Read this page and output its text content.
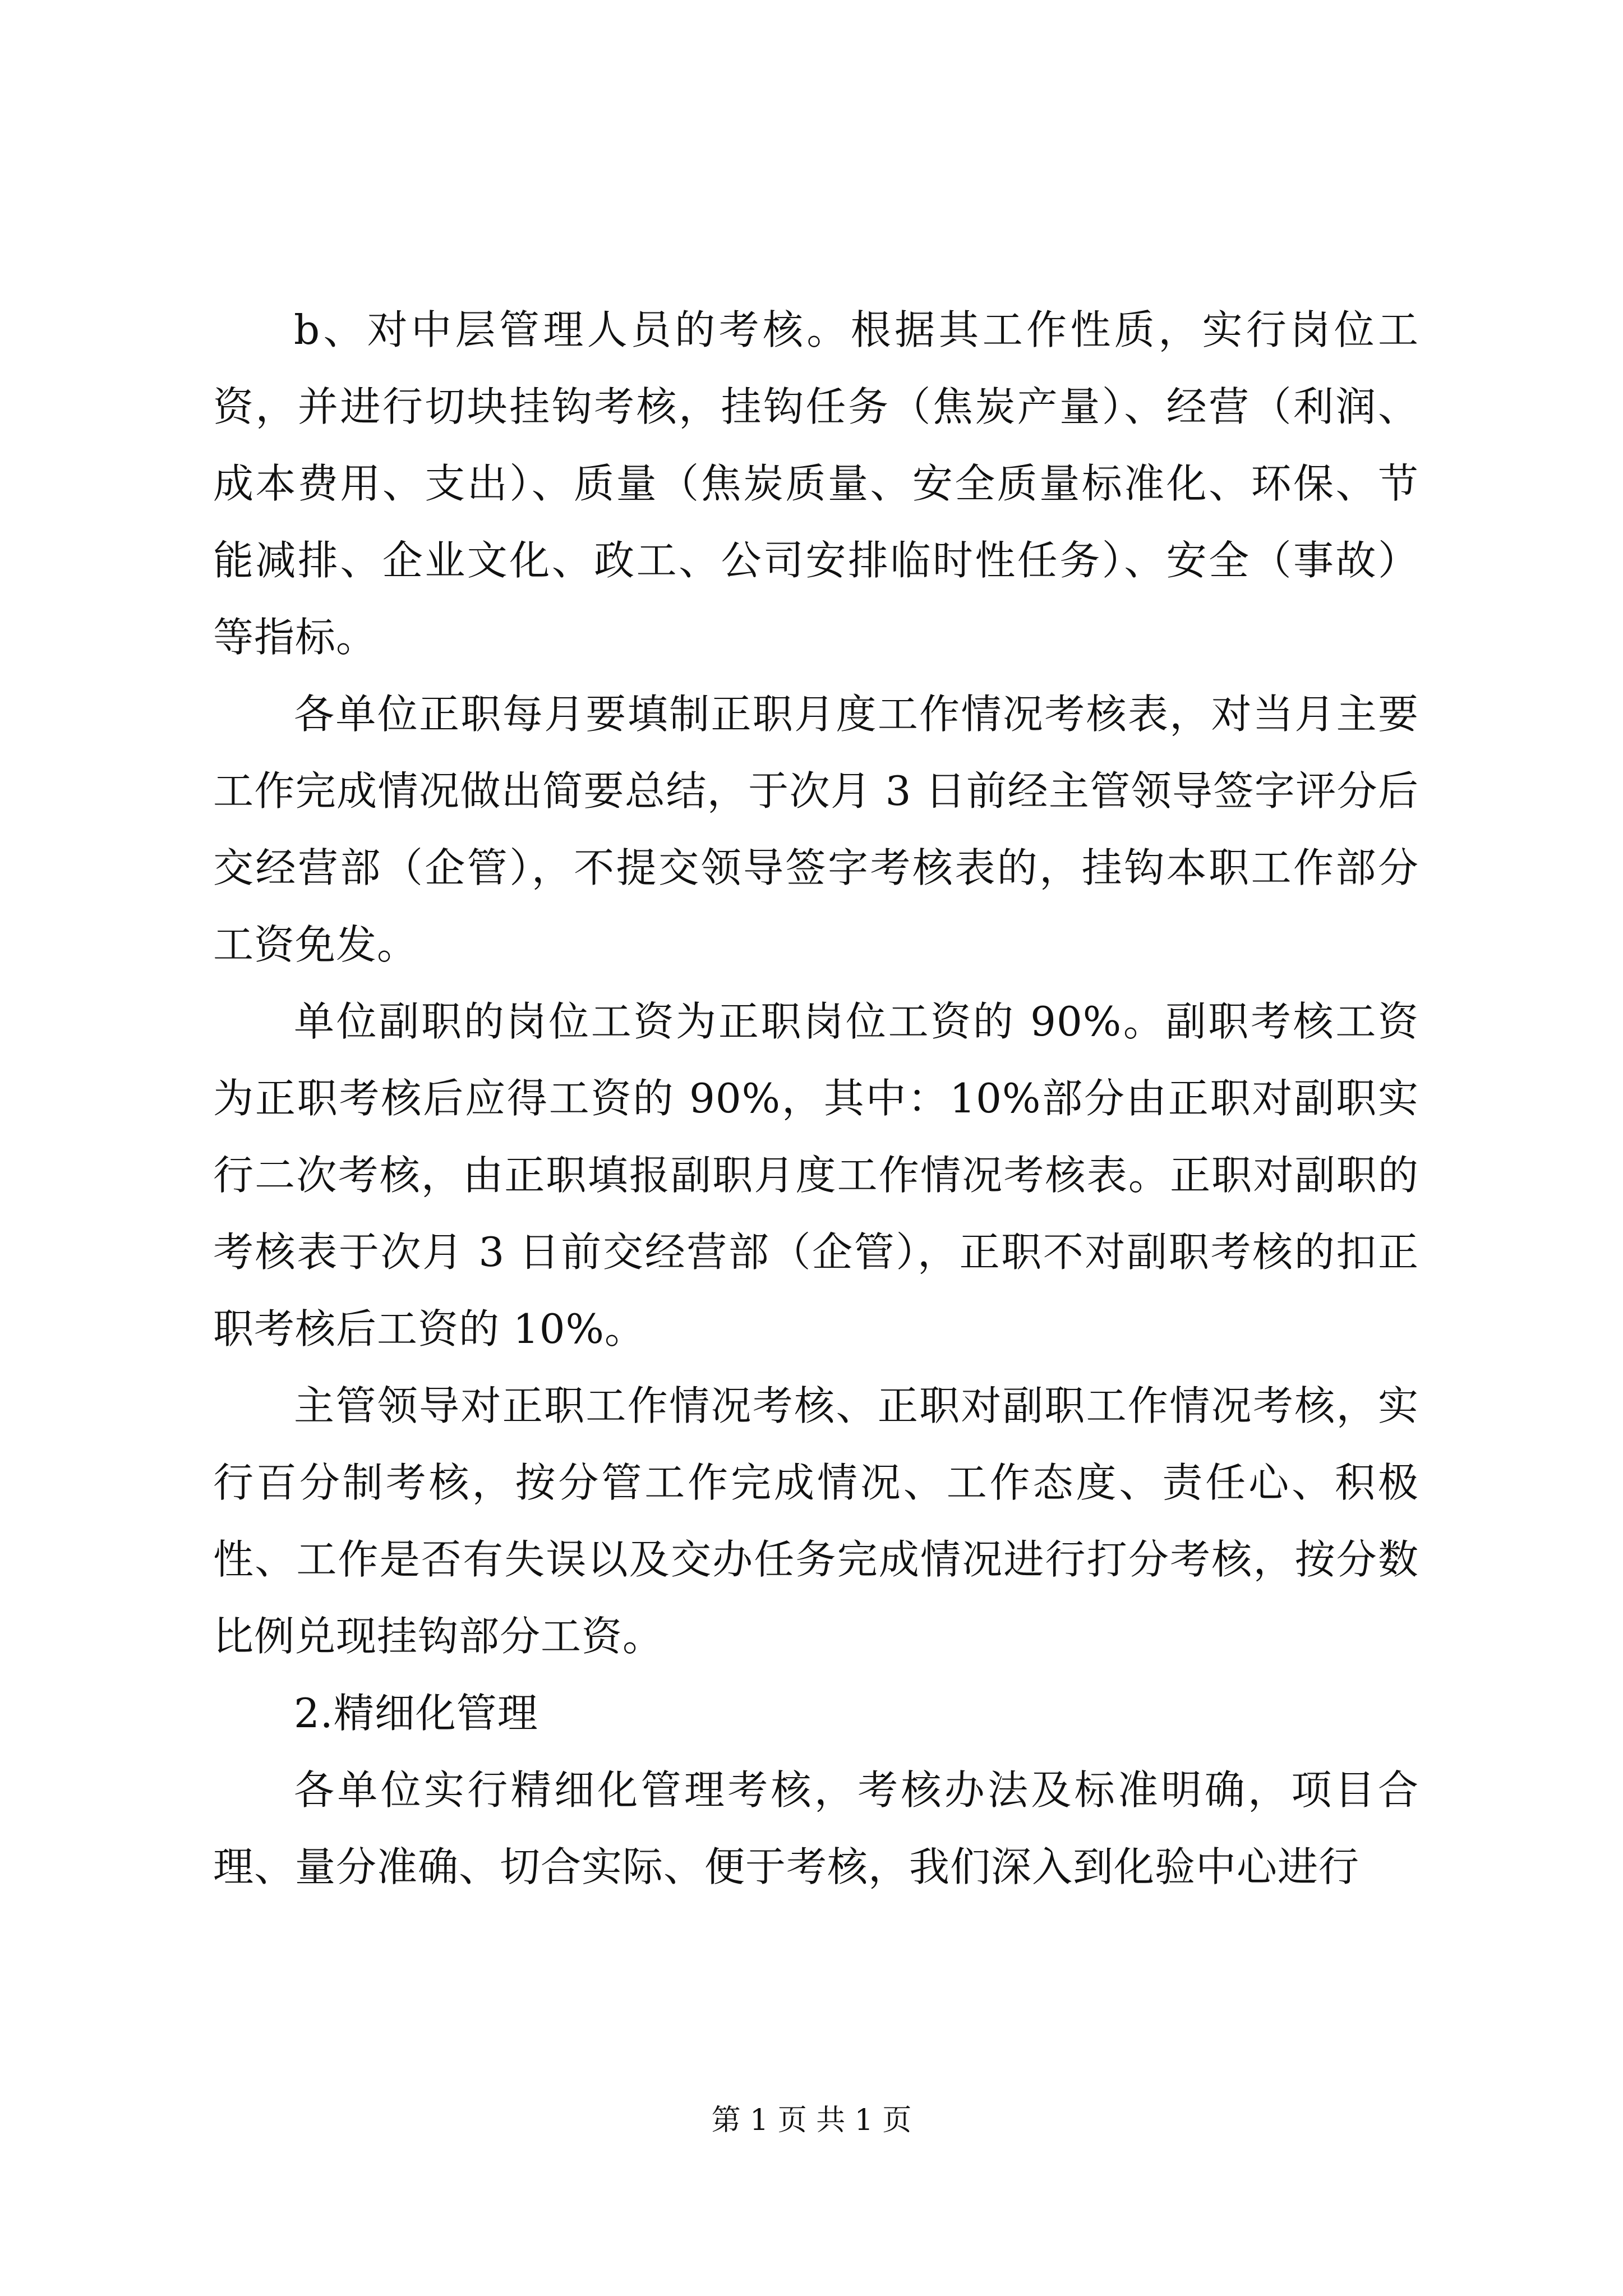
b、对中层管理人员的考核。根据其工作性质，实行岗位工资，并进行切块挂钩考核，挂钩任务（焦炭产量）、经营（利润、成本费用、支出）、质量（焦炭质量、安全质量标准化、环保、节能减排、企业文化、政工、公司安排临时性任务）、安全（事故）等指标。

各单位正职每月要填制正职月度工作情况考核表，对当月主要工作完成情况做出简要总结，于次月 3 日前经主管领导签字评分后交经营部（企管），不提交领导签字考核表的，挂钩本职工作部分工资免发。

单位副职的岗位工资为正职岗位工资的 90%。副职考核工资为正职考核后应得工资的 90%，其中：10%部分由正职对副职实行二次考核，由正职填报副职月度工作情况考核表。正职对副职的考核表于次月 3 日前交经营部（企管），正职不对副职考核的扣正职考核后工资的 10%。

主管领导对正职工作情况考核、正职对副职工作情况考核，实行百分制考核，按分管工作完成情况、工作态度、责任心、积极性、工作是否有失误以及交办任务完成情况进行打分考核，按分数比例兑现挂钩部分工资。

2.精细化管理

各单位实行精细化管理考核，考核办法及标准明确，项目合理、量分准确、切合实际、便于考核，我们深入到化验中心进行

第 1 页 共 1 页
